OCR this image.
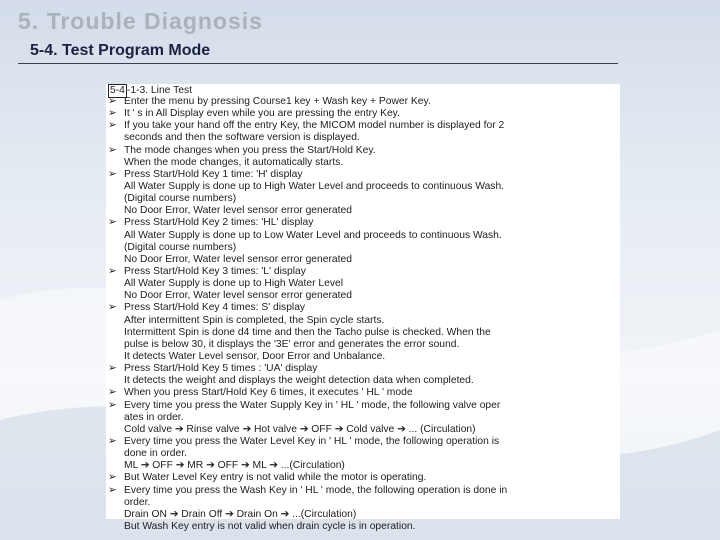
5. Trouble Diagnosis
5-4. Test Program Mode
5-4 -1-3. Line Test
➢ Enter the menu by pressing Course1 key + Wash key + Power Key.
➢ It ' s in All Display even while you are pressing the entry Key.
➢ If you take your hand off the entry Key, the MICOM model number is displayed for 2
seconds and then the software version is displayed.
➢ The mode changes when you press the Start/Hold Key.
When the mode changes, it automatically starts.
➢ Press Start/Hold Key 1 time: 'H' display
All Water Supply is done up to High Water Level and proceeds to continuous Wash.
(Digital course numbers)
No Door Error, Water level sensor error generated
➢ Press Start/Hold Key 2 times: 'HL' display
All Water Supply is done up to Low Water Level and proceeds to continuous Wash.
(Digital course numbers)
No Door Error, Water level sensor error generated
➢ Press Start/Hold Key 3 times: 'L' display
All Water Supply is done up to High Water Level
No Door Error, Water level sensor error generated
➢ Press Start/Hold Key 4 times: S' display
After intermittent Spin is completed, the Spin cycle starts.
Intermittent Spin is done d4 time and then the Tacho pulse is checked. When the
pulse is below 30, it displays the '3E' error and generates the error sound.
It detects Water Level sensor, Door Error and Unbalance.
➢ Press Start/Hold Key 5 times : 'UA' display
It detects the weight and displays the weight detection data when completed.
➢ When you press Start/Hold Key 6 times, it executes ' HL ' mode
➢ Every time you press the Water Supply Key in ' HL ' mode, the following valve oper
ates in order.
Cold valve ➔ Rinse valve ➔ Hot valve ➔ OFF ➔ Cold valve ➔ ... (Circulation)
➢ Every time you press the Water Level Key in ' HL ' mode, the following operation is
done in order.
ML ➔ OFF ➔ MR ➔ OFF ➔ ML ➔ ...(Circulation)
➢ But Water Level Key entry is not valid while the motor is operating.
➢ Every time you press the Wash Key in ' HL ' mode, the following operation is done in
order.
Drain ON ➔ Drain Off ➔ Drain On ➔ ...(Circulation)
But Wash Key entry is not valid when drain cycle is in operation.
